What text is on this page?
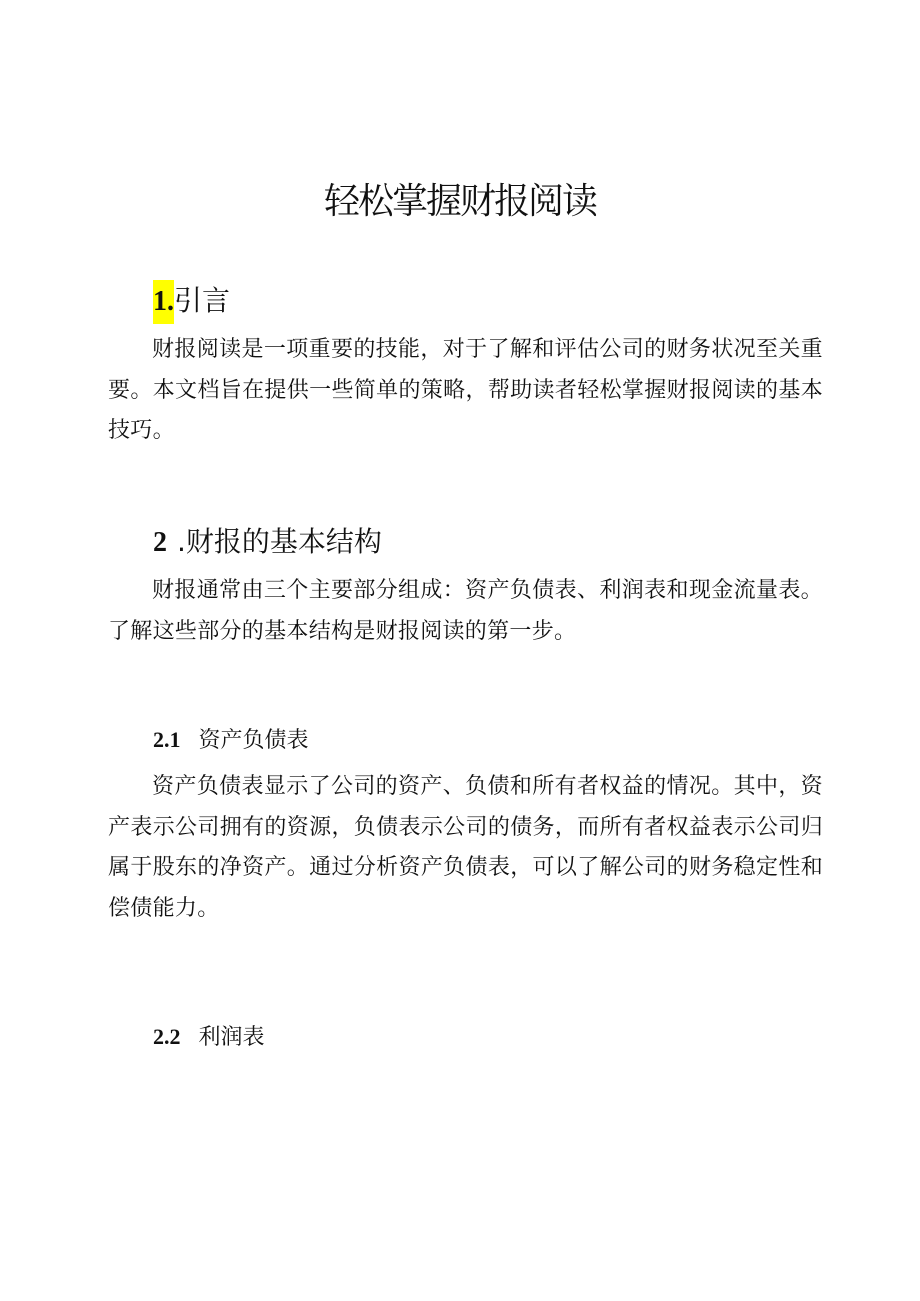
轻松掌握财报阅读
1.引言

财报阅读是一项重要的技能，对于了解和评估公司的财务状况至关重要。本文档旨在提供一些简单的策略，帮助读者轻松掌握财报阅读的基本技巧。

2 .财报的基本结构

财报通常由三个主要部分组成：资产负债表、利润表和现金流量表。了解这些部分的基本结构是财报阅读的第一步。

2.1 资产负债表

资产负债表显示了公司的资产、负债和所有者权益的情况。其中，资产表示公司拥有的资源，负债表示公司的债务，而所有者权益表示公司归属于股东的净资产。通过分析资产负债表，可以了解公司的财务稳定性和偿债能力。

2.2 利润表
